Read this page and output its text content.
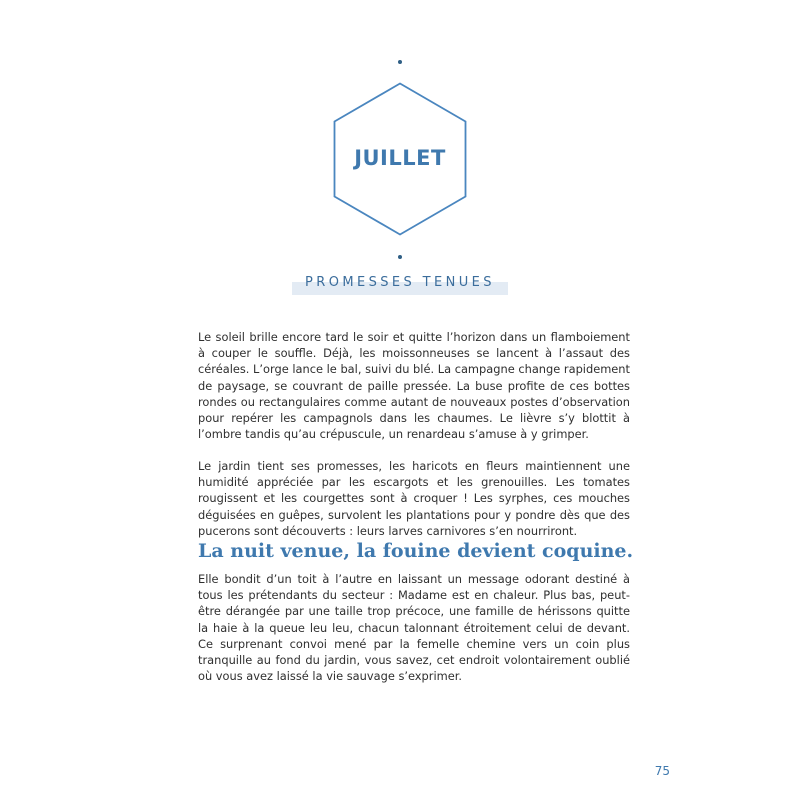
JUILLET
PROMESSES TENUES

Le soleil brille encore tard le soir et quitte l’horizon dans un flamboiement à couper le souffle. Déjà, les moissonneuses se lancent à l’assaut des céréales. L’orge lance le bal, suivi du blé. La campagne change rapidement de paysage, se couvrant de paille pressée. La buse profite de ces bottes rondes ou rectangulaires comme autant de nouveaux postes d’observation pour repérer les campagnols dans les chaumes. Le lièvre s’y blottit à l’ombre tandis qu’au crépuscule, un renardeau s’amuse à y grimper.

Le jardin tient ses promesses, les haricots en fleurs maintiennent une humidité appréciée par les escargots et les grenouilles. Les tomates rougissent et les courgettes sont à croquer ! Les syrphes, ces mouches déguisées en guêpes, survolent les plantations pour y pondre dès que des pucerons sont découverts : leurs larves carnivores s’en nourriront.

La nuit venue, la fouine devient coquine.

Elle bondit d’un toit à l’autre en laissant un message odorant destiné à tous les prétendants du secteur : Madame est en chaleur. Plus bas, peut-être dérangée par une taille trop précoce, une famille de hérissons quitte la haie à la queue leu leu, chacun talonnant étroitement celui de devant. Ce surprenant convoi mené par la femelle chemine vers un coin plus tranquille au fond du jardin, vous savez, cet endroit volontairement oublié où vous avez laissé la vie sauvage s’exprimer.

75
